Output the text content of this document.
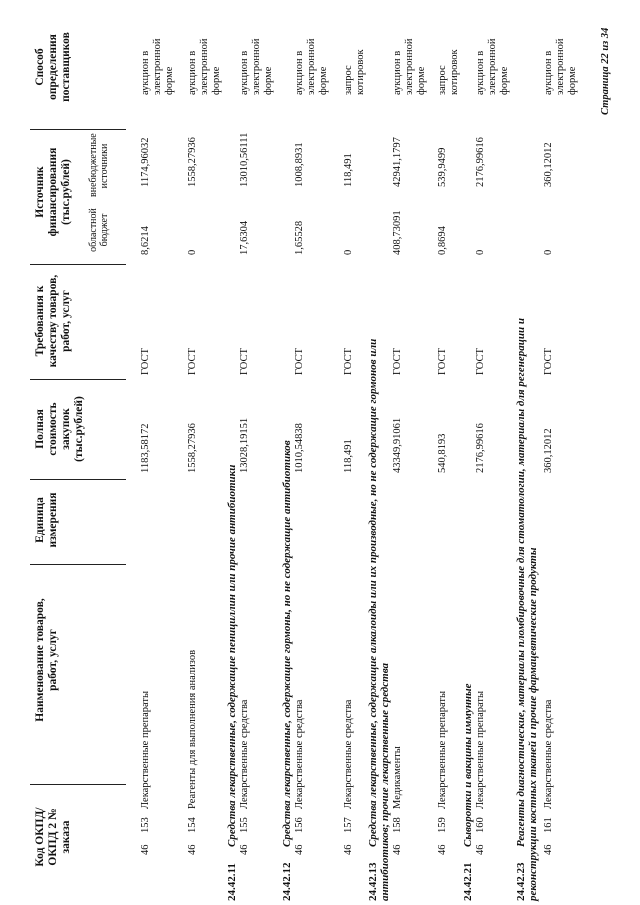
Код ОКПД/ ОКПД 2 № заказа
Наименование товаров, работ, услуг
Единица измерения
Полная стоимость закупок (тыс.рублей)
Требования к качеству товаров, работ, услуг
Источник финансирования (тыс.рублей)
областной бюджет
внебюджетные источники
Способ определения поставщиков
46
153
Лекарственные препараты
1183,58172
ГОСТ
8,6214
1174,96032
аукцион в электронной форме
46
154
Реагенты для выполнения анализов
1558,27936
ГОСТ
0
1558,27936
аукцион в электронной форме
24.42.11Средства лекарственные, содержащие пенициллин или прочие антибиотики
46
155
Лекарственные средства
13028,19151
ГОСТ
17,6304
13010,56111
аукцион в электронной форме
24.42.12Средства лекарственные, содержащие гормоны, но не содержащие антибиотиков
46
156
Лекарственные средства
1010,54838
ГОСТ
1,65528
1008,8931
аукцион в электронной форме
46
157
Лекарственные средства
118,491
ГОСТ
0
118,491
запрос котировок
24.42.13Средства лекарственные, содержащие алкалоиды или их производные, но не содержащие гормонов или антибиотиков; прочие лекарственные средства 46
158
Медикаменты
43349,91061
ГОСТ
408,73091
42941,1797
аукцион в электронной форме
46
159
Лекарственные препараты
540,8193
ГОСТ
0,8694
539,9499
запрос котировок
24.42.21Сыворотки и вакцины иммунные
46
160
Лекарственные препараты
2176,99616
ГОСТ
0
2176,99616
аукцион в электронной форме
24.42.23Реагенты диагностические, материалы пломбировочные для стоматологии, материалы для регенерации и реконструкции костных тканей и прочие фармацевтические продукты 46
161
Лекарственные средства
360,12012
ГОСТ
0
360,12012
аукцион в электронной форме Страница 22 из 34
